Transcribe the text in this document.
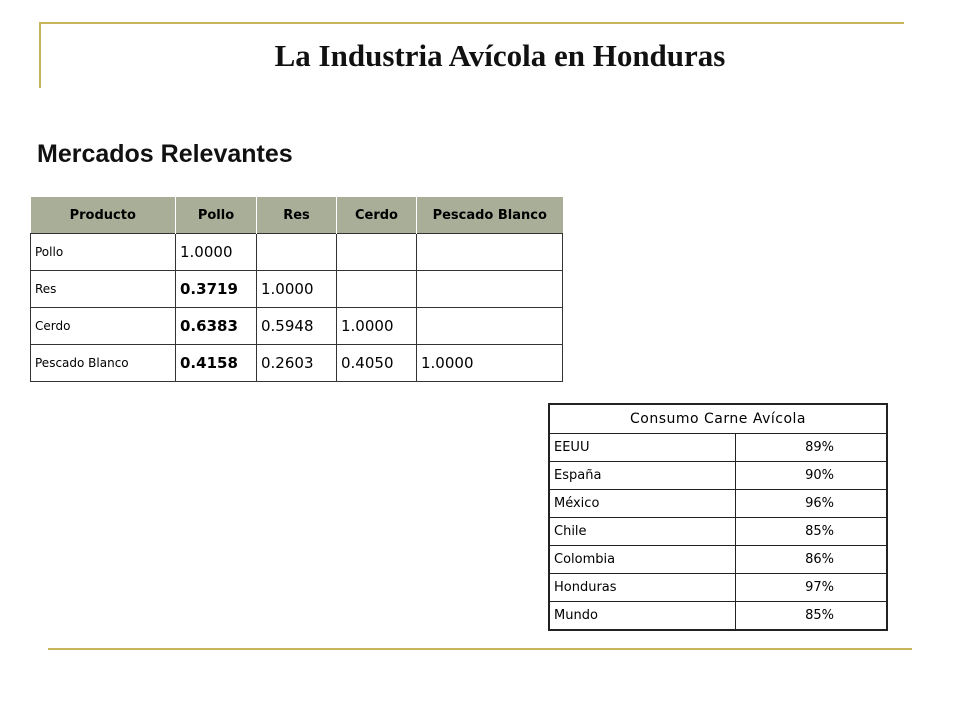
La Industria Avícola en Honduras
Mercados Relevantes
Producto	Pollo	Res	Cerdo	Pescado Blanco
Pollo	1.0000			
Res	0.3719	1.0000		
Cerdo	0.6383	0.5948	1.0000	
Pescado Blanco	0.4158	0.2603	0.4050	1.0000
Consumo Carne Avícola	
EEUU	89%
España	90%
México	96%
Chile	85%
Colombia	86%
Honduras	97%
Mundo	85%
